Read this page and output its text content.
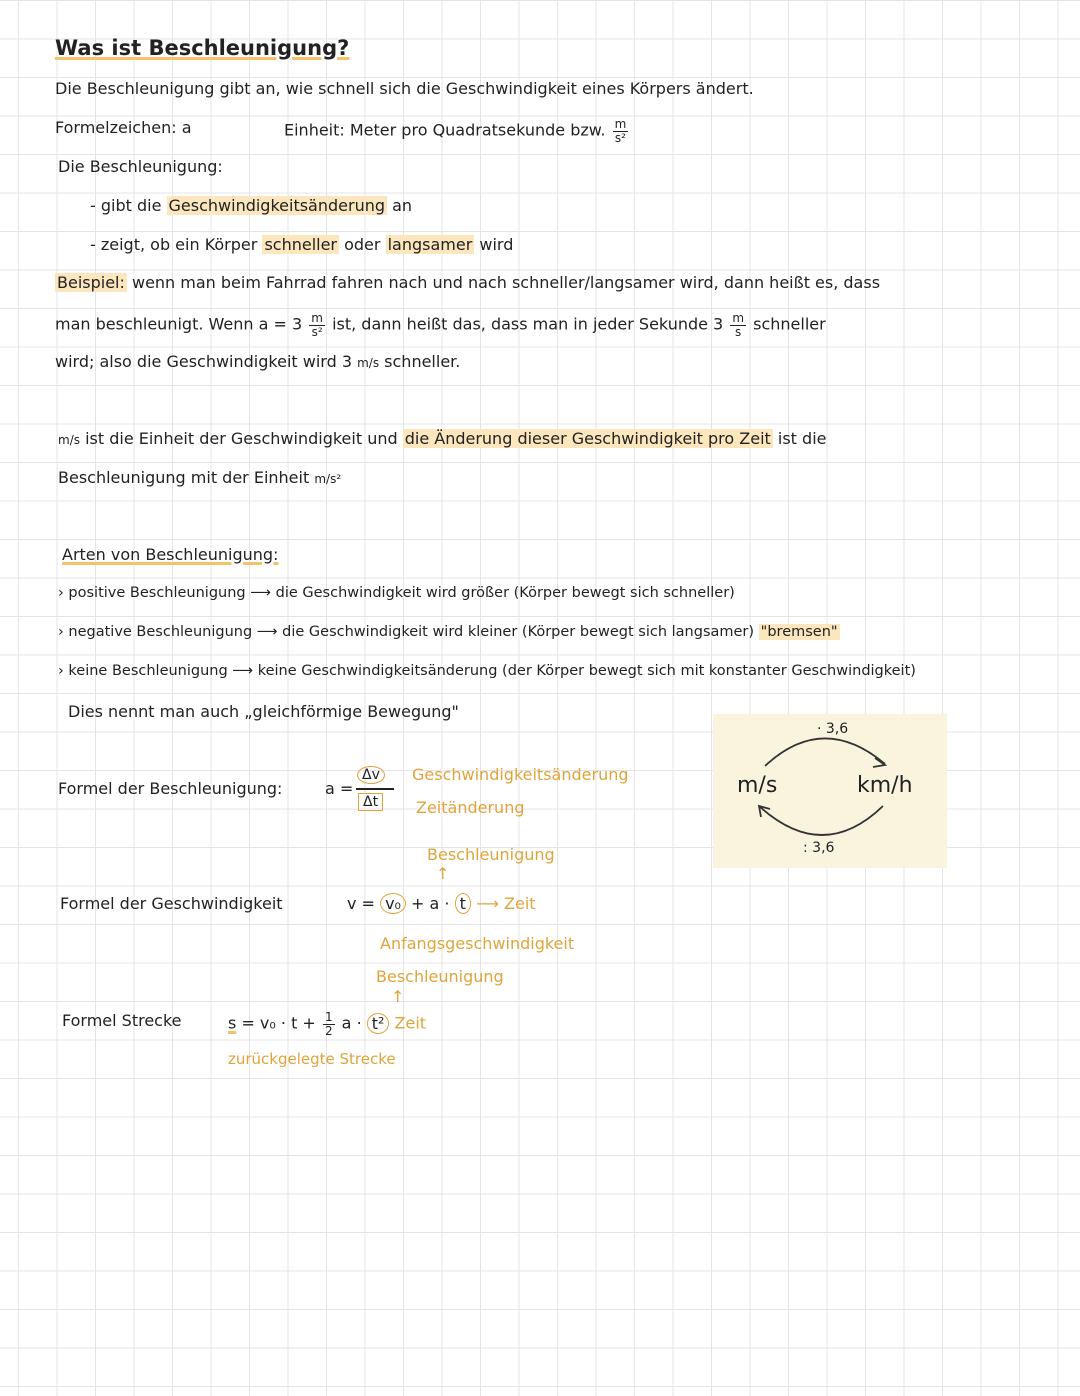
Was ist Beschleunigung?
Die Beschleunigung gibt an, wie schnell sich die Geschwindigkeit eines Körpers ändert.
Formelzeichen: a	Einheit: Meter pro Quadratsekunde bzw. $\frac{m}{\text{s²}}$
Die Beschleunigung:
- gibt die Geschwindigkeitsänderung an
- zeigt, ob ein Körper schneller oder langsamer wird
Beispiel: wenn man beim Fahrrad fahren nach und nach schneller/langsamer wird, dann heißt es, dass
man beschleunigt. Wenn $a = 3 \frac{m}{\text{s²}}$ ist, dann heißt das, dass man in jeder Sekunde $3 \frac{m}{s}$ schneller
wird; also die Geschwindigkeit wird 3 m/s schneller.
m/s ist die Einheit der Geschwindigkeit und die Änderung dieser Geschwindigkeit pro Zeit ist die
Beschleunigung mit der Einheit m/s²
Arten von Beschleunigung:
› positive Beschleunigung ⟶ die Geschwindigkeit wird größer (Körper bewegt sich schneller)
› negative Beschleunigung ⟶ die Geschwindigkeit wird kleiner (Körper bewegt sich langsamer) "bremsen"
› keine Beschleunigung ⟶ keine Geschwindigkeitsänderung (der Körper bewegt sich mit konstanter Geschwindigkeit)
Dies nennt man auch „gleichförmige Bewegung"
· 3,6
m/s	km/h
: 3,6
Formel der Beschleunigung:	a =
Δv
Δt
Geschwindigkeitsänderung
Zeitänderung
Beschleunigung
↑
Formel der Geschwindigkeit	v = v₀ + a · t ⟶ Zeit
Anfangsgeschwindigkeit
Beschleunigung
↑
Formel Strecke	$s = v_0 \cdot t + \frac{1}{2}$ a · t² Zeit
zurückgelegte Strecke
